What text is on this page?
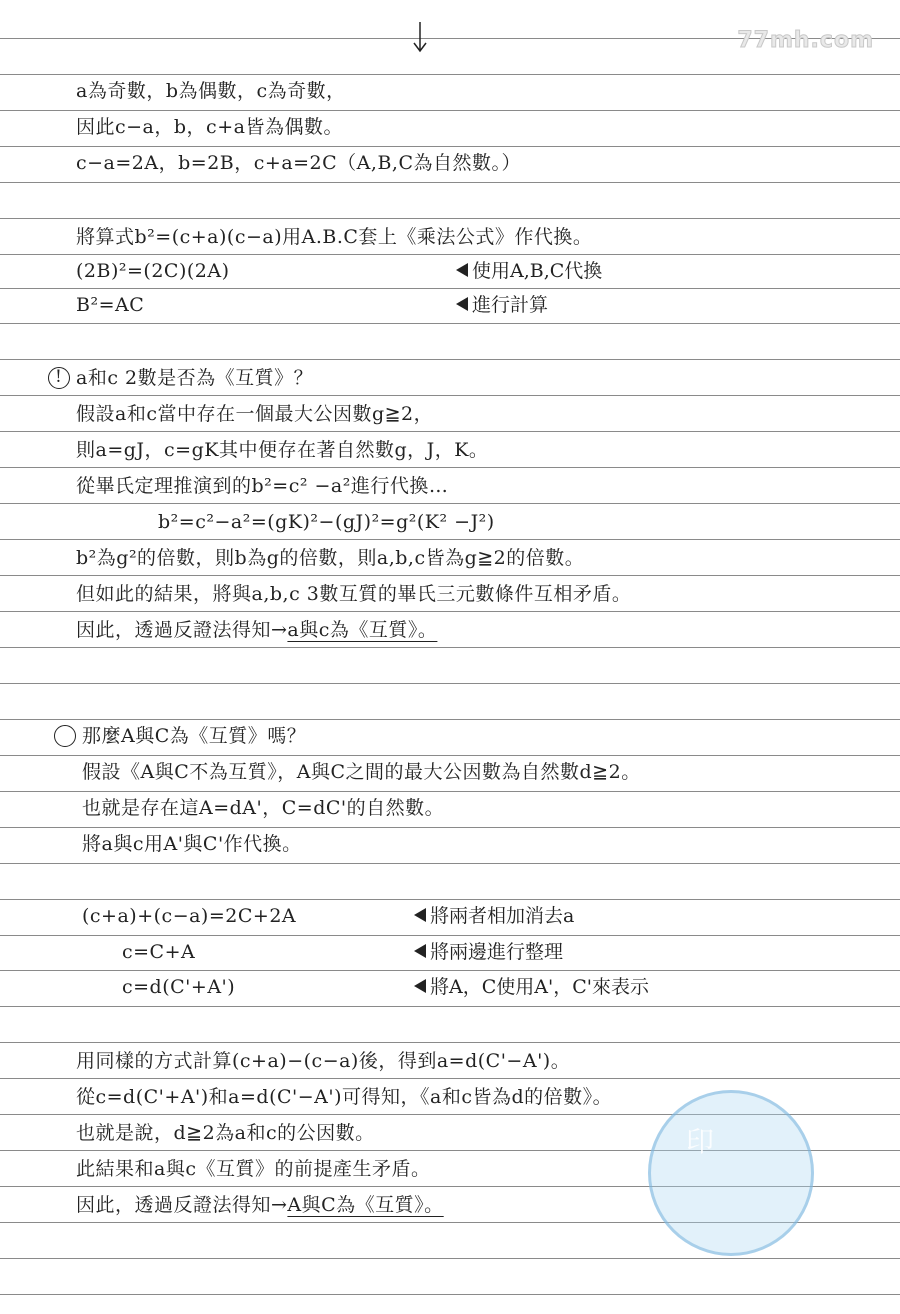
77mh.com
a為奇數，b為偶數，c為奇數，
因此c−a，b，c+a皆為偶數。
c−a=2A，b=2B，c+a=2C（A,B,C為自然數。）
將算式b²=(c+a)(c−a)用A.B.C套上《乘法公式》作代換。
(2B)²=(2C)(2A)	使用A,B,C代換
B²=AC	進行計算
!a和c 2數是否為《互質》？
假設a和c當中存在一個最大公因數g≧2，
則a=gJ，c=gK其中便存在著自然數g，J，K。
從畢氏定理推演到的b²=c² −a²進行代換…
b²=c²−a²=(gK)²−(gJ)²=g²(K² −J²)
b²為g²的倍數，則b為g的倍數，則a,b,c皆為g≧2的倍數。
但如此的結果，將與a,b,c 3數互質的畢氏三元數條件互相矛盾。
因此，透過反證法得知→a與c為《互質》。
那麼A與C為《互質》嗎？
假設《A與C不為互質》，A與C之間的最大公因數為自然數d≧2。
也就是存在這A=dA'，C=dC'的自然數。
將a與c用A'與C'作代換。
(c+a)+(c−a)=2C+2A	將兩者相加消去a
c=C+A	將兩邊進行整理
c=d(C'+A')	將A，C使用A'，C'來表示
用同樣的方式計算(c+a)−(c−a)後，得到a=d(C'−A')。
從c=d(C'+A')和a=d(C'−A')可得知，《a和c皆為d的倍數》。
也就是說，d≧2為a和c的公因數。
此結果和a與c《互質》的前提產生矛盾。
因此，透過反證法得知→A與C為《互質》。
印
